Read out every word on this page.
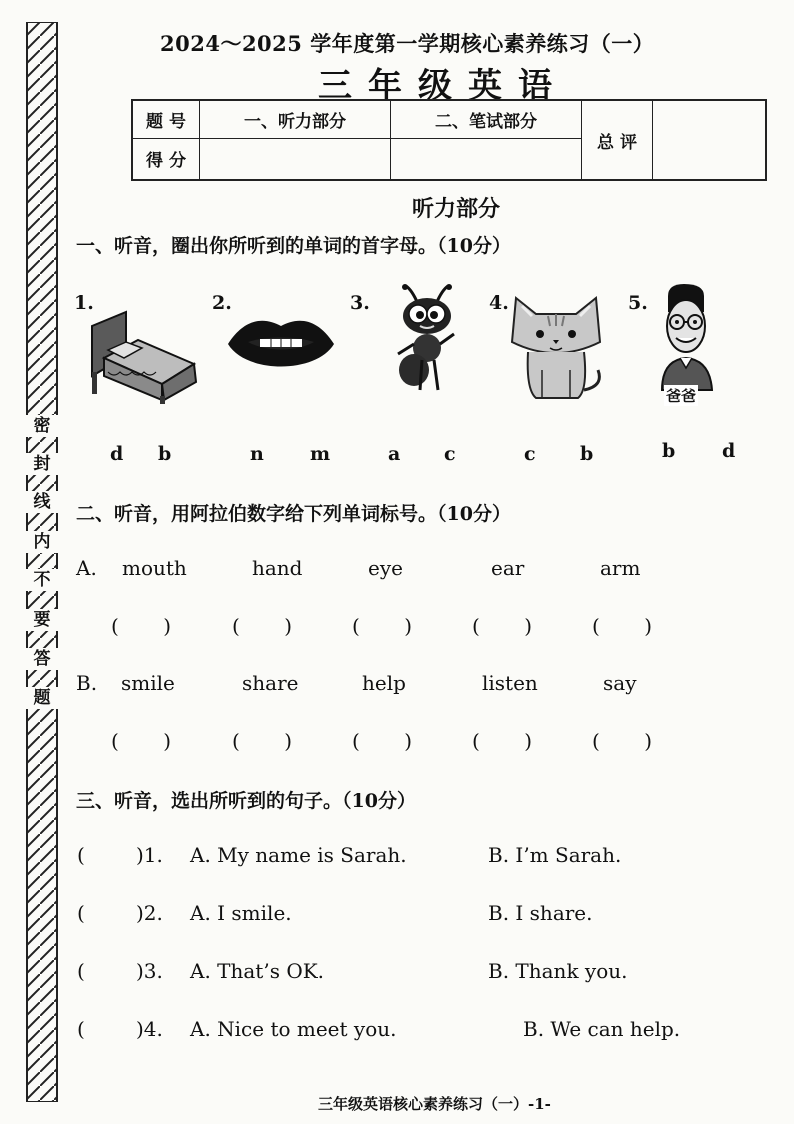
密
封
线
内
不
要
答
题
2024～2025 学年度第一学期核心素养练习（一）
三年级英语
题 号	一、听力部分	二、笔试部分	总 评	
得 分				
听力部分
一、听音，圈出你所听到的单词的首字母。（10分）
1.	2.	3.	4.	5.
爸爸
d b	n m	a c	c b	b d
二、听音，用阿拉伯数字给下列单词标号。（10分）
A. mouth	hand	eye	ear	arm
(       )	(       )	(       )	(       )	(       )
B. smile	share	help	listen	say
(       )	(       )	(       )	(       )	(       )
三、听音，选出所听到的句子。（10分）
(	)1. A. My name is Sarah.	B. I’m Sarah.
(	)2. A. I smile.	B. I share.
(	)3. A. That’s OK.	B. Thank you.
(	)4. A. Nice to meet you.	B. We can help.
三年级英语核心素养练习（一）-1-
